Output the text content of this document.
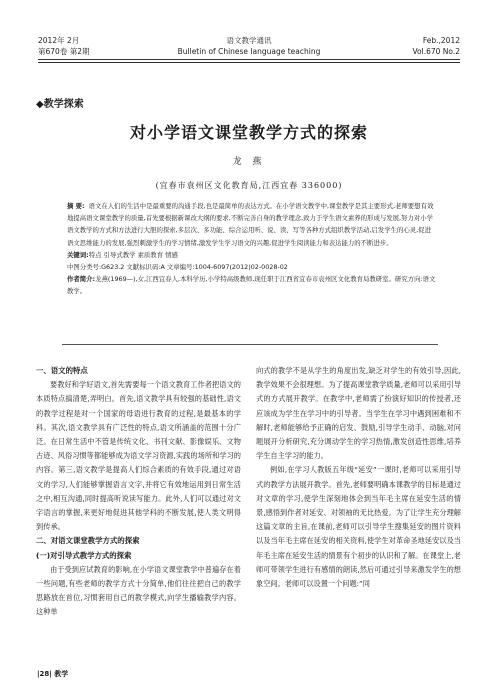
2012年 2月
第670卷 第2期
语文教学通讯
Bulletin of Chinese language teaching
Feb.,2012
Vol.670 No.2
◆教学探索
对小学语文课堂教学方式的探索
龙 燕
(宜春市袁州区文化教育局,江西宜春 336000)

摘 要: 语文在人们的生活中是最重要的沟通手段,也是最简单的表达方式。在小学语文教学中,课堂教学是其主要形式,老师要想有效地提高语文课堂教学的质量,首先要根据新课改大纲的要求,不断完善自身的教学理念,致力于学生语文素养的形成与发展,努力对小学语文教学的方式和方法进行大胆的探索,多层次、多功能、综合运用听、说、读、写等各种方式组织教学活动,启发学生的心灵,促进语文思维能力的发展,强烈刺激学生的学习情绪,激发学生学习语文的兴趣,促进学生阅读能力和表达能力的不断进步。

关键词:特点 引导式教学 素质教育 情感

中图分类号:G623.2 文献标识码:A 文章编号:1004-6097(2012)02-0028-02

作者简介:龙燕(1969—),女,江西宜春人,本科学历,小学特高级教师,现任职于江西省宜春市袁州区文化教育局教研室。研究方向:语文教学。

一、语文的特点

要教好和学好语文,首先需要每一个语文教育工作者把语文的本质特点搞清楚,弄明白。首先,语文教学具有较强的基础性,语文的教学过程是对一个国家的母语进行教育的过程,是最基本的学科。其次,语文教学具有广泛性的特点,语文所涵盖的范围十分广泛。在日常生活中不管是传统文化、书刊文献、影像娱乐、文物古迹、风俗习惯等都能够成为语文学习资源,实践的场所和学习的内容。第三,语文教学是提高人们综合素质的有效手段,通过对语文的学习,人们能够掌握语言文字,并将它有效地运用到日常生活之中,相互沟通,同时提高听说读写能力。此外,人们可以通过对文字语言的掌握,来更好地促进其他学科的不断发展,使人类文明得到传承。

二、对语文课堂教学方式的探索
(一)对引导式教学方式的探索

由于受到应试教育的影响,在小学语文课堂教学中普遍存在着一些问题,有些老师的教学方式十分简单,他们往往把自己的教学思路放在首位,习惯套用自己的教学模式,向学生播输教学内容。这种单

向式的教学不是从学生的角度出发,缺乏对学生的有效引导,因此,教学效果不会很理想。为了提高课堂教学质量,老师可以采用引导式的方式展开教学。在教学中,老师需了扮演好知识的传授者,还应该成为学生在学习中的引导者。当学生在学习中遇到困难和不解时,老师能够给予正确的启发、鼓励,引导学生动手、动脑,对问题展开分析研究,充分调动学生的学习热情,激发创造性思维,培养学生自主学习的能力。

例如,在学习人教版五年级“延安”一课时,老师可以采用引导式的教学方法展开教学。首先,老师要明确本课教学的目标是通过对文章的学习,使学生深刻地体会到当年毛主席在延安生活的情景,感悟到作者对延安、对领袖的无比热爱。为了让学生充分理解这篇文章的主旨,在课前,老师可以引导学生搜集延安的图片资料以及当年毛主席在延安的相关资料,使学生对革命圣地延安以及当年毛主席在延安生活的情景有个初步的认识和了解。在课堂上,老师可带领学生进行有感情的朗读,然后可通过引导来激发学生的想象空间。老师可以设置一个问题:“同

|28| 教学
